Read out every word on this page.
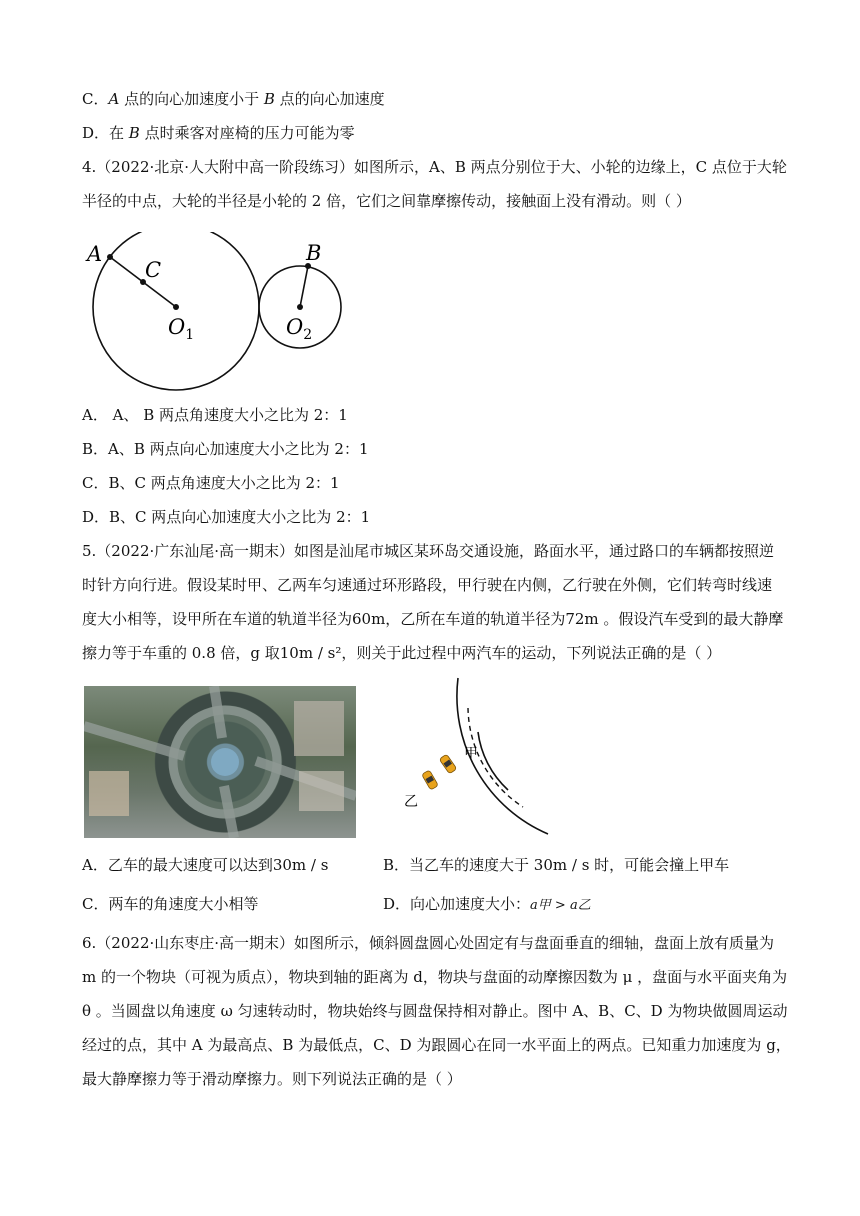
C．A 点的向心加速度小于 B 点的向心加速度
D．在 B 点时乘客对座椅的压力可能为零
4.（2022·北京·人大附中高一阶段练习）如图所示，A、B 两点分别位于大、小轮的边缘上，C 点位于大轮
半径的中点，大轮的半径是小轮的 2 倍，它们之间靠摩擦传动，接触面上没有滑动。则（ ）
A
C
$O_1$
B
$O_2$
A． A、 B 两点角速度大小之比为 2：1
B．A、B 两点向心加速度大小之比为 2：1
C．B、C 两点角速度大小之比为 2：1
D．B、C 两点向心加速度大小之比为 2：1
5.（2022·广东汕尾·高一期末）如图是汕尾市城区某环岛交通设施，路面水平，通过路口的车辆都按照逆
时针方向行进。假设某时甲、乙两车匀速通过环形路段，甲行驶在内侧，乙行驶在外侧，它们转弯时线速
度大小相等，设甲所在车道的轨道半径为60m，乙所在车道的轨道半径为72m 。假设汽车受到的最大静摩
擦力等于车重的 0.8 倍，g 取10m / s²，则关于此过程中两汽车的运动，下列说法正确的是（ ）
甲
乙
A．乙车的最大速度可以达到30m / s	B．当乙车的速度大于 30m / s 时，可能会撞上甲车
C．两车的角速度大小相等	D．向心加速度大小：a甲 > a乙
6.（2022·山东枣庄·高一期末）如图所示，倾斜圆盘圆心处固定有与盘面垂直的细轴，盘面上放有质量为
m 的一个物块（可视为质点），物块到轴的距离为 d，物块与盘面的动摩擦因数为 μ ，盘面与水平面夹角为
θ 。当圆盘以角速度 ω 匀速转动时，物块始终与圆盘保持相对静止。图中 A、B、C、D 为物块做圆周运动
经过的点，其中 A 为最高点、B 为最低点，C、D 为跟圆心在同一水平面上的两点。已知重力加速度为 g，
最大静摩擦力等于滑动摩擦力。则下列说法正确的是（ ）
